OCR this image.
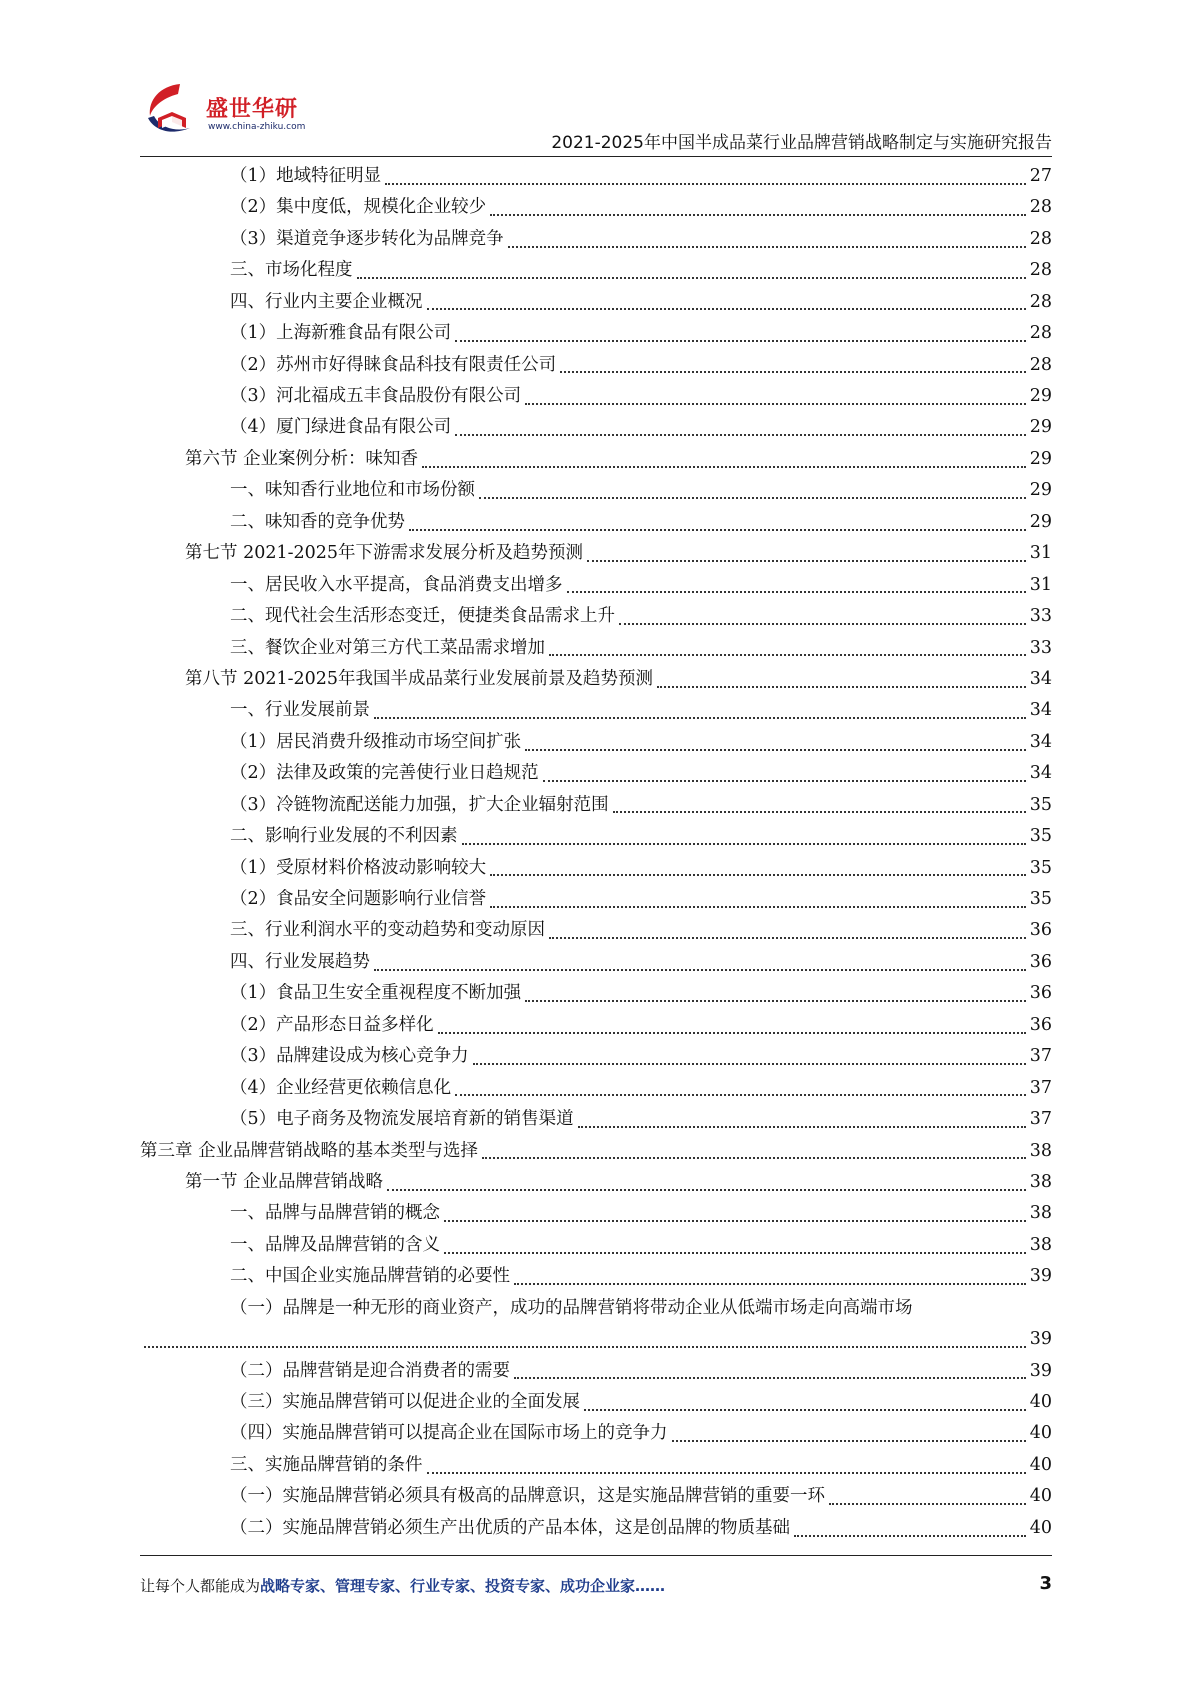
盛世华研
www.china-zhiku.com
2021-2025年中国半成品菜行业品牌营销战略制定与实施研究报告
（1）地域特征明显	27
（2）集中度低，规模化企业较少	28
（3）渠道竞争逐步转化为品牌竞争	28
三、市场化程度	28
四、行业内主要企业概况	28
（1）上海新雅食品有限公司	28
（2）苏州市好得睐食品科技有限责任公司	28
（3）河北福成五丰食品股份有限公司	29
（4）厦门绿进食品有限公司	29
第六节 企业案例分析：味知香	29
一、味知香行业地位和市场份额	29
二、味知香的竞争优势	29
第七节 2021-2025年下游需求发展分析及趋势预测	31
一、居民收入水平提高，食品消费支出增多	31
二、现代社会生活形态变迁，便捷类食品需求上升	33
三、餐饮企业对第三方代工菜品需求增加	33
第八节 2021-2025年我国半成品菜行业发展前景及趋势预测	34
一、行业发展前景	34
（1）居民消费升级推动市场空间扩张	34
（2）法律及政策的完善使行业日趋规范	34
（3）冷链物流配送能力加强，扩大企业辐射范围	35
二、影响行业发展的不利因素	35
（1）受原材料价格波动影响较大	35
（2）食品安全问题影响行业信誉	35
三、行业利润水平的变动趋势和变动原因	36
四、行业发展趋势	36
（1）食品卫生安全重视程度不断加强	36
（2）产品形态日益多样化	36
（3）品牌建设成为核心竞争力	37
（4）企业经营更依赖信息化	37
（5）电子商务及物流发展培育新的销售渠道	37
第三章 企业品牌营销战略的基本类型与选择	38
第一节 企业品牌营销战略	38
一、品牌与品牌营销的概念	38
一、品牌及品牌营销的含义	38
二、中国企业实施品牌营销的必要性	39
（一）品牌是一种无形的商业资产，成功的品牌营销将带动企业从低端市场走向高端市场
39
（二）品牌营销是迎合消费者的需要	39
（三）实施品牌营销可以促进企业的全面发展	40
（四）实施品牌营销可以提高企业在国际市场上的竞争力	40
三、实施品牌营销的条件	40
（一）实施品牌营销必须具有极高的品牌意识，这是实施品牌营销的重要一环	40
（二）实施品牌营销必须生产出优质的产品本体，这是创品牌的物质基础	40
让每个人都能成为战略专家、管理专家、行业专家、投资专家、成功企业家……	3
